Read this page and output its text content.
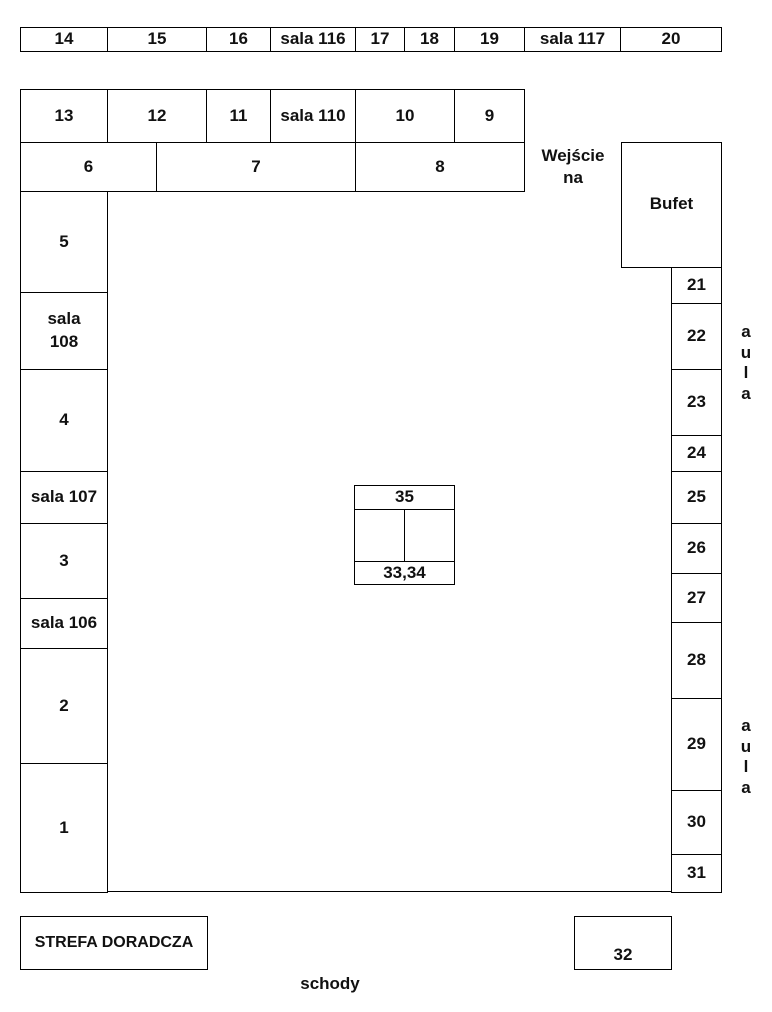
14	15	16 sala 116 17 18 19 sala 117	20
13	12	11 sala 110	10	9
6	7	8
Wejście
na
Bufet
5
sala 108
4
sala 107
3
sala 106
2
1
21
22
23
24
25
26
27
28
29
30
31
a
u
l
a
a
u
l
a
35
33,34
STREFA DORADCZA
32
schody
